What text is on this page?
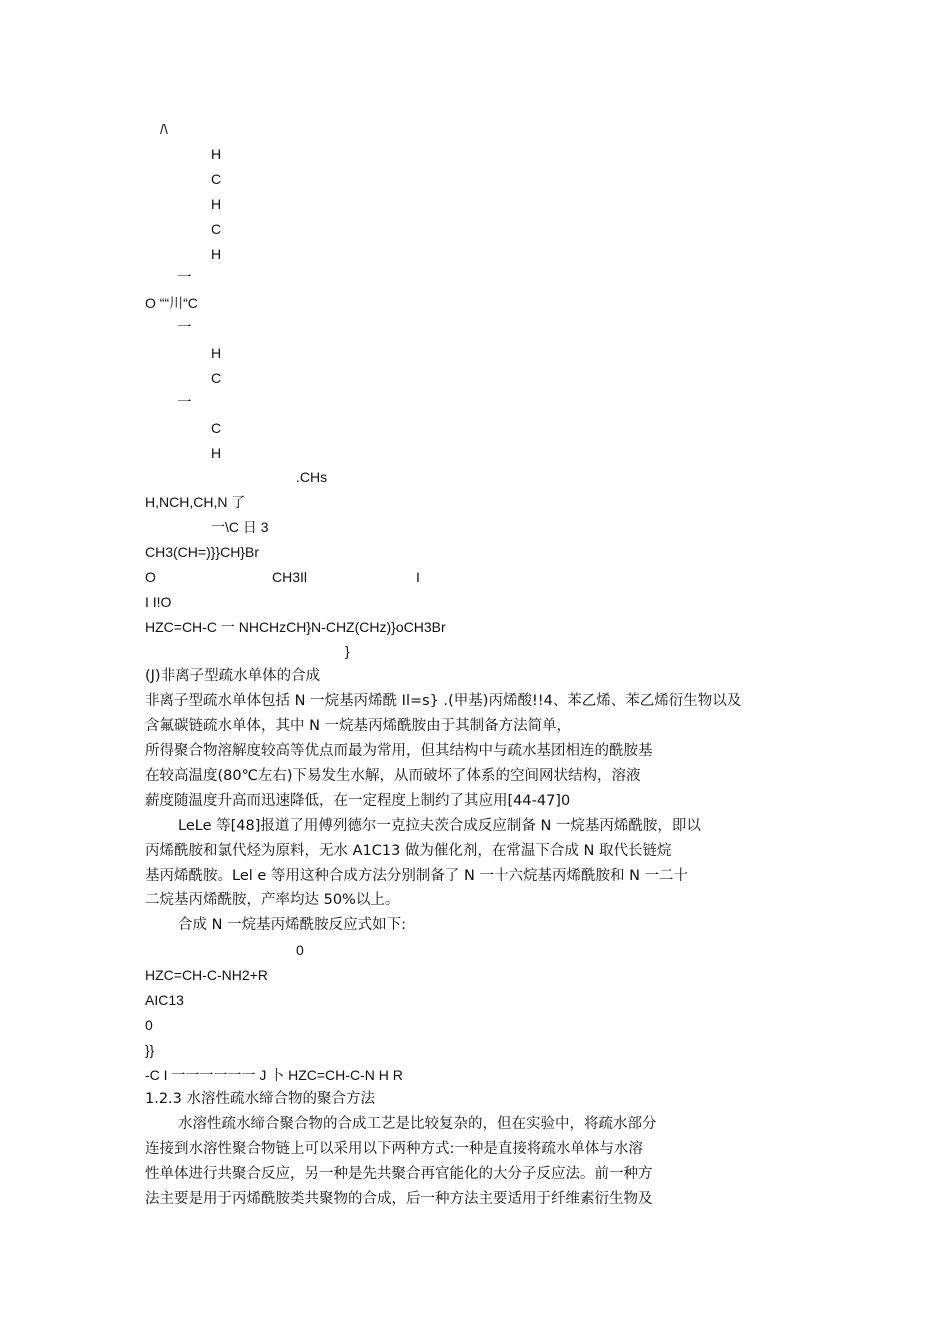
/\
H
C
H
C
H
一
O ““川“C
一
H
C
一
C
H
.CHs
H,NCH,CH,N 了
一\C 日 3
CH3(CH=)}}CH}Br
O	CH3Il	I
I I!O
HZC=CH-C 一 NHCHzCH}N-CHZ(CHz)}oCH3Br
}
(J)非离子型疏水单体的合成
非离子型疏水单体包括 N 一烷基丙烯酰 Il=s} .(甲基)丙烯酸!!4、苯乙烯、苯乙烯衍生物以及
含氟碳链疏水单体，其中 N 一烷基丙烯酰胺由于其制备方法简单，
所得聚合物溶解度较高等优点而最为常用，但其结构中与疏水基团相连的酰胺基
在较高温度(80℃左右)下易发生水解，从而破坏了体系的空间网状结构，溶液
薪度随温度升高而迅速降低，在一定程度上制约了其应用[44-47]0
LeLe 等[48]报道了用傅列德尔一克拉夫茨合成反应制备 N 一烷基丙烯酰胺，即以
丙烯酰胺和氯代烃为原料，无水 A1C13 做为催化剂，在常温下合成 N 取代长链烷
基丙烯酰胺。Lel e 等用这种合成方法分别制备了 N 一十六烷基丙烯酰胺和 N 一二十
二烷基丙烯酰胺，产率均达 50%以上。
合成 N 一烷基丙烯酰胺反应式如下:
0
HZC=CH-C-NH2+R
AIC13
0
}}
-C I 一一一一一一 J 卜 HZC=CH-C-N H R
1.2.3 水溶性疏水缔合物的聚合方法
水溶性疏水缔合聚合物的合成工艺是比较复杂的，但在实验中，将疏水部分
连接到水溶性聚合物链上可以采用以下两种方式:一种是直接将疏水单体与水溶
性单体进行共聚合反应，另一种是先共聚合再官能化的大分子反应法。前一种方
法主要是用于丙烯酰胺类共聚物的合成，后一种方法主要适用于纤维素衍生物及
